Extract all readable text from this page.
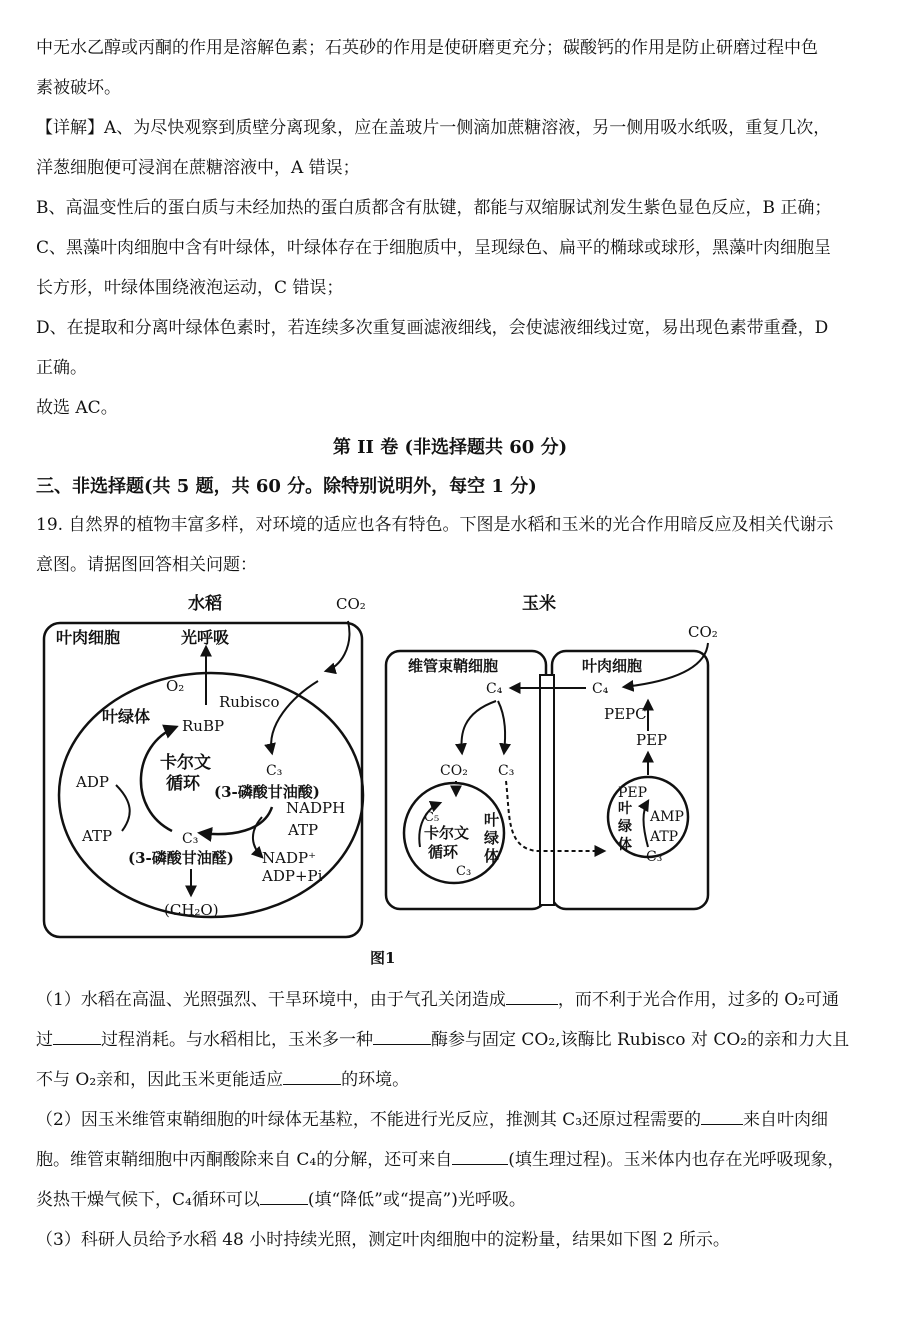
中无水乙醇或丙酮的作用是溶解色素；石英砂的作用是使研磨更充分；碳酸钙的作用是防止研磨过程中色
素被破坏。
【详解】A、为尽快观察到质壁分离现象，应在盖玻片一侧滴加蔗糖溶液，另一侧用吸水纸吸，重复几次，
洋葱细胞便可浸润在蔗糖溶液中，A 错误；
B、高温变性后的蛋白质与未经加热的蛋白质都含有肽键，都能与双缩脲试剂发生紫色显色反应，B 正确；
C、黑藻叶肉细胞中含有叶绿体，叶绿体存在于细胞质中，呈现绿色、扁平的椭球或球形，黑藻叶肉细胞呈
长方形，叶绿体围绕液泡运动，C 错误；
D、在提取和分离叶绿体色素时，若连续多次重复画滤液细线，会使滤液细线过宽，易出现色素带重叠，D
正确。
故选 AC。
第 II 卷 (非选择题共 60 分)
三、非选择题(共 5 题，共 60 分。除特别说明外，每空 1 分)
19. 自然界的植物丰富多样，对环境的适应也各有特色。下图是水稻和玉米的光合作用暗反应及相关代谢示
意图。请据图回答相关问题：
水稻	CO₂
叶肉细胞	光呼吸
O₂
Rubisco
叶绿体 RuBP
C₃
卡尔文
循环 (3-磷酸甘油酸)
NADPH
ATP
ADP
ATP	C₃
(3-磷酸甘油醛) NADP⁺
ADP+Pi
(CH₂O)
玉米
CO₂
维管束鞘细胞	叶肉细胞
C₄	C₄
PEPC
PEP
CO₂ C₃
C₅
卡尔文
循环
C₃
叶
绿
体
PEP
AMP
ATP
叶
绿
体
C₃
图1
（1）水稻在高温、光照强烈、干旱环境中，由于气孔关闭造成	，而不利于光合作用，过多的 O₂可通
过	过程消耗。与水稻相比，玉米多一种	酶参与固定 CO₂,该酶比 Rubisco 对 CO₂的亲和力大且
不与 O₂亲和，因此玉米更能适应	的环境。
（2）因玉米维管束鞘细胞的叶绿体无基粒，不能进行光反应，推测其 C₃还原过程需要的 来自叶肉细
胞。维管束鞘细胞中丙酮酸除来自 C₄的分解，还可来自	(填生理过程)。玉米体内也存在光呼吸现象，
炎热干燥气候下，C₄循环可以	(填“降低”或“提高”)光呼吸。
（3）科研人员给予水稻 48 小时持续光照，测定叶肉细胞中的淀粉量，结果如下图 2 所示。
